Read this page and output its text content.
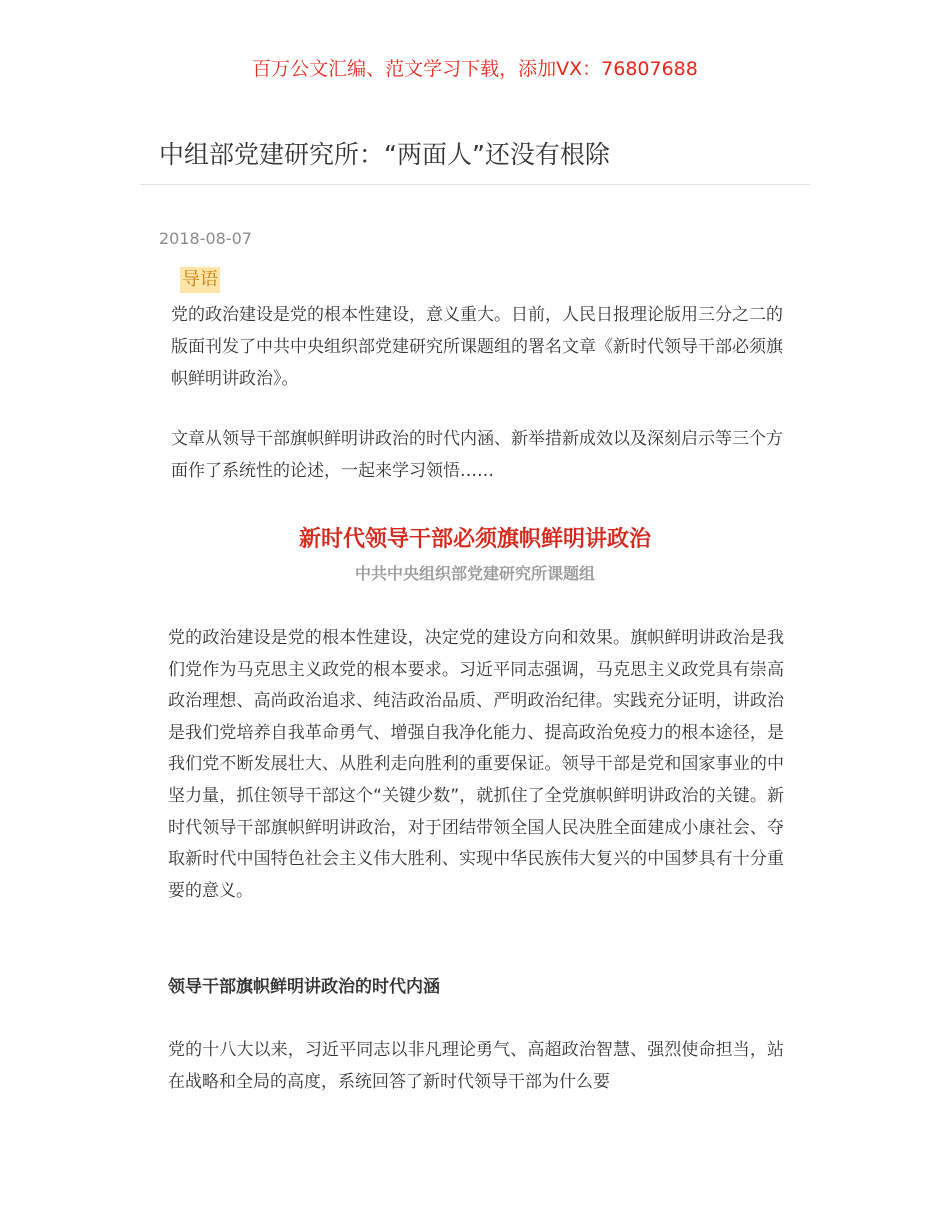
百万公文汇编、范文学习下载，添加VX：76807688
中组部党建研究所：“两面人”还没有根除
2018-08-07
导语

党的政治建设是党的根本性建设，意义重大。日前，人民日报理论版用三分之二的版面刊发了中共中央组织部党建研究所课题组的署名文章《新时代领导干部必须旗帜鲜明讲政治》。

文章从领导干部旗帜鲜明讲政治的时代内涵、新举措新成效以及深刻启示等三个方面作了系统性的论述，一起来学习领悟……

新时代领导干部必须旗帜鲜明讲政治
中共中央组织部党建研究所课题组

党的政治建设是党的根本性建设，决定党的建设方向和效果。旗帜鲜明讲政治是我们党作为马克思主义政党的根本要求。习近平同志强调，马克思主义政党具有崇高政治理想、高尚政治追求、纯洁政治品质、严明政治纪律。实践充分证明，讲政治是我们党培养自我革命勇气、增强自我净化能力、提高政治免疫力的根本途径，是我们党不断发展壮大、从胜利走向胜利的重要保证。领导干部是党和国家事业的中坚力量，抓住领导干部这个“关键少数”，就抓住了全党旗帜鲜明讲政治的关键。新时代领导干部旗帜鲜明讲政治，对于团结带领全国人民决胜全面建成小康社会、夺取新时代中国特色社会主义伟大胜利、实现中华民族伟大复兴的中国梦具有十分重要的意义。

领导干部旗帜鲜明讲政治的时代内涵

党的十八大以来，习近平同志以非凡理论勇气、高超政治智慧、强烈使命担当，站在战略和全局的高度，系统回答了新时代领导干部为什么要
